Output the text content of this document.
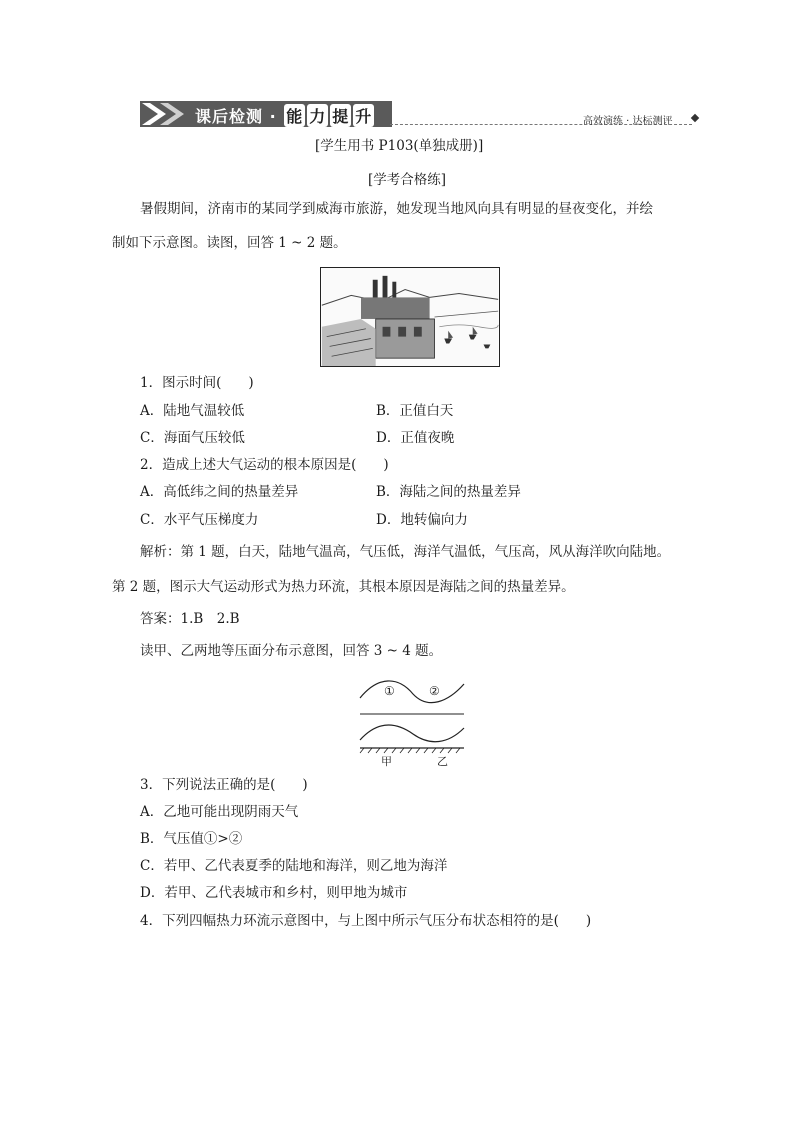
课后检测 · 能 力 提 升	高效演练 · 达标测评
[学生用书 P103(单独成册)]
[学考合格练]
暑假期间，济南市的某同学到威海市旅游，她发现当地风向具有明显的昼夜变化，并绘
制如下示意图。读图，回答 1 ~ 2 题。
1．图示时间(　　)
A．陆地气温较低	B．正值白天
C．海面气压较低	D．正值夜晚
2．造成上述大气运动的根本原因是(　　)
A．高低纬之间的热量差异	B．海陆之间的热量差异
C．水平气压梯度力	D．地转偏向力
解析：第 1 题，白天，陆地气温高，气压低，海洋气温低，气压高，风从海洋吹向陆地。
第 2 题，图示大气运动形式为热力环流，其根本原因是海陆之间的热量差异。
答案：1.B　2.B
读甲、乙两地等压面分布示意图，回答 3 ~ 4 题。
①	②
甲	乙
3．下列说法正确的是(　　)
A．乙地可能出现阴雨天气
B．气压值①>②
C．若甲、乙代表夏季的陆地和海洋，则乙地为海洋
D．若甲、乙代表城市和乡村，则甲地为城市
4．下列四幅热力环流示意图中，与上图中所示气压分布状态相符的是(　　)
